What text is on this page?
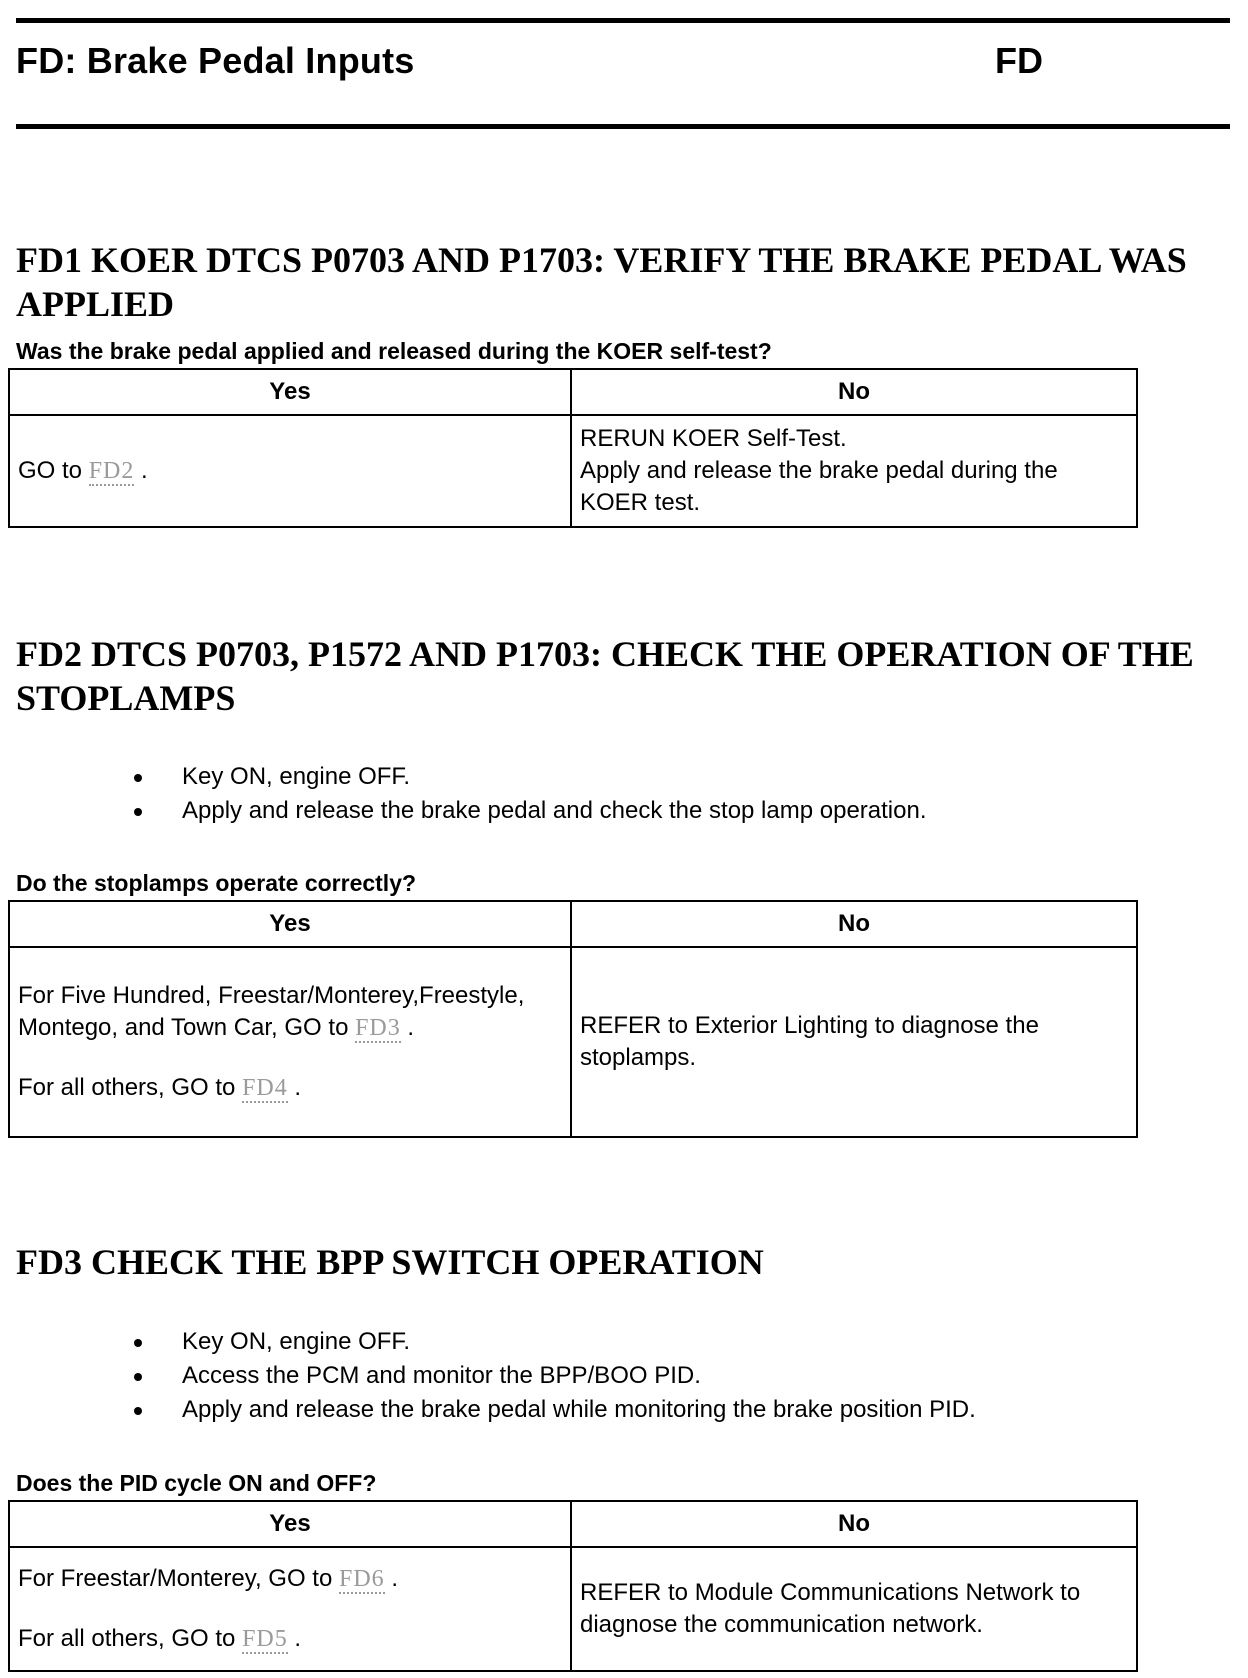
FD: Brake Pedal Inputs	FD
FD1 KOER DTCS P0703 AND P1703: VERIFY THE BRAKE PEDAL WAS APPLIED
Was the brake pedal applied and released during the KOER self-test?
Yes	No
GO to FD2 .	RERUN KOER Self-Test.
Apply and release the brake pedal during the KOER test.
FD2 DTCS P0703, P1572 AND P1703: CHECK THE OPERATION OF THE STOPLAMPS
Key ON, engine OFF.
Apply and release the brake pedal and check the stop lamp operation.
Do the stoplamps operate correctly?
Yes	No

For Five Hundred, Freestar/Monterey,Freestyle, Montego, and Town Car, GO to FD3 .
For all others, GO to FD4 .	REFER to Exterior Lighting to diagnose the stoplamps.
FD3 CHECK THE BPP SWITCH OPERATION
Key ON, engine OFF.
Access the PCM and monitor the BPP/BOO PID.
Apply and release the brake pedal while monitoring the brake position PID.
Does the PID cycle ON and OFF?
Yes	No

For Freestar/Monterey, GO to FD6 .
For all others, GO to FD5 .	REFER to Module Communications Network to diagnose the communication network.
